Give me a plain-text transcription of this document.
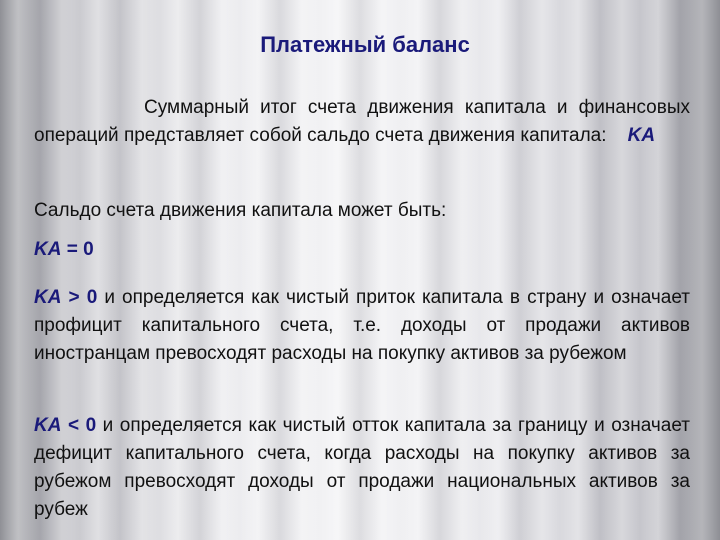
Платежный баланс
Суммарный итог счета движения капитала и финансовых операций представляет собой сальдо счета движения капитала: KA
Сальдо счета движения капитала может быть:
KA = 0
KA > 0 и определяется как чистый приток капитала в страну и означает профицит капитального счета, т.е. доходы от продажи активов иностранцам превосходят расходы на покупку активов за рубежом
KA < 0 и определяется как чистый отток капитала за границу и означает дефицит капитального счета, когда расходы на покупку активов за рубежом превосходят доходы от продажи национальных активов за рубеж
